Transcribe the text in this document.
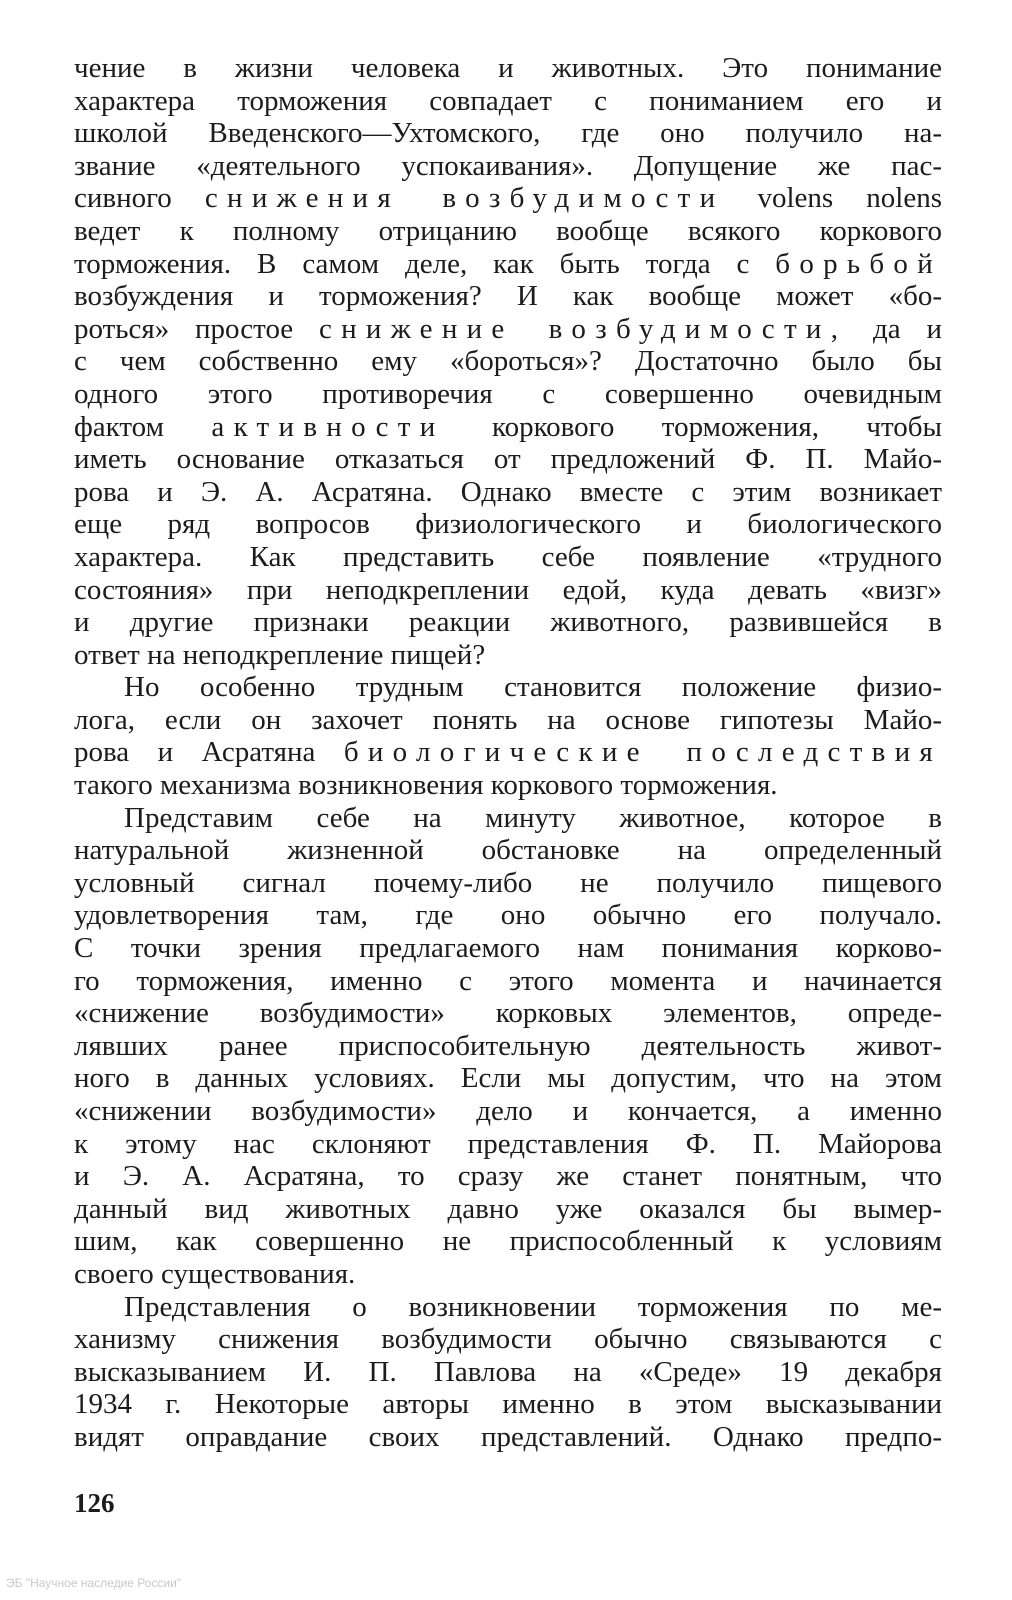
чение в жизни человека и животных. Это понимание
характера торможения совпадает с пониманием его и
школой Введенского—Ухтомского, где оно получило на-
звание «деятельного успокаивания». Допущение же пас-
сивного снижения возбудимости volens nolens
ведет к полному отрицанию вообще всякого коркового
торможения. В самом деле, как быть тогда с борьбой
возбуждения и торможения? И как вообще может «бо-
роться» простое снижение возбудимости, да и
с чем собственно ему «бороться»? Достаточно было бы
одного этого противоречия с совершенно очевидным
фактом активности коркового торможения, чтобы
иметь основание отказаться от предложений Ф. П. Майо-
рова и Э. А. Асратяна. Однако вместе с этим возникает
еще ряд вопросов физиологического и биологического
характера. Как представить себе появление «трудного
состояния» при неподкреплении едой, куда девать «визг»
и другие признаки реакции животного, развившейся в
ответ на неподкрепление пищей?
Но особенно трудным становится положение физио-
лога, если он захочет понять на основе гипотезы Майо-
рова и Асратяна биологические последствия
такого механизма возникновения коркового торможения.
Представим себе на минуту животное, которое в
натуральной жизненной обстановке на определенный
условный сигнал почему-либо не получило пищевого
удовлетворения там, где оно обычно его получало.
С точки зрения предлагаемого нам понимания корково-
го торможения, именно с этого момента и начинается
«снижение возбудимости» корковых элементов, опреде-
лявших ранее приспособительную деятельность живот-
ного в данных условиях. Если мы допустим, что на этом
«снижении возбудимости» дело и кончается, а именно
к этому нас склоняют представления Ф. П. Майорова
и Э. А. Асратяна, то сразу же станет понятным, что
данный вид животных давно уже оказался бы вымер-
шим, как совершенно не приспособленный к условиям
своего существования.
Представления о возникновении торможения по ме-
ханизму снижения возбудимости обычно связываются с
высказыванием И. П. Павлова на «Среде» 19 декабря
1934 г. Некоторые авторы именно в этом высказывании
видят оправдание своих представлений. Однако предпо-
126
ЭБ "Научное наследие России"
